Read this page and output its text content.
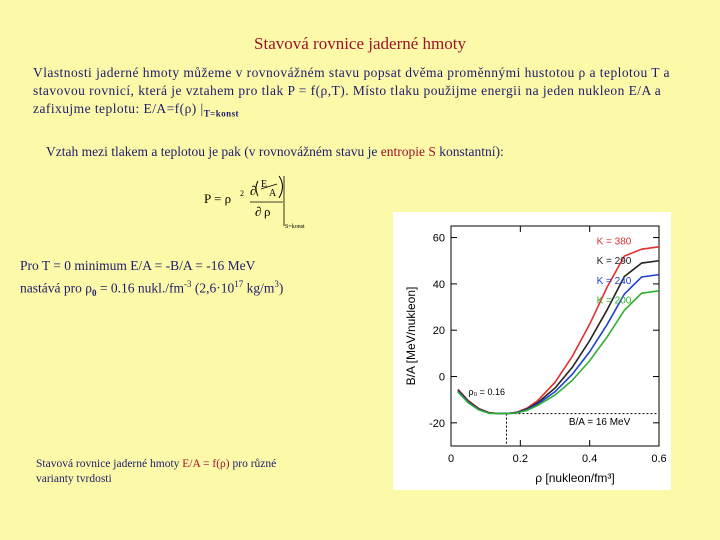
Stavová rovnice jaderné hmoty
Vlastnosti jaderné hmoty můžeme v rovnovážném stavu popsat dvěma proměnnými hustotou ρ a teplotou T a stavovou rovnicí, která je vztahem pro tlak P = f(ρ,T). Místo tlaku použijme energii na jeden nukleon E/A a zafixujme teplotu: E/A=f(ρ) $|_{T=konst}$
Vztah mezi tlakem a teplotou je pak (v rovnovážném stavu je entropie S konstantní):
P = ρ 2 ∂ E
A
∂ ρ
S=konst
Pro T = 0 minimum E/A = -B/A = -16 MeV
nastává pro $\rho_0 = 0.16$ $nukl./fm^{-3}$ ($2,6\cdot 10^{17}$ $kg/m^3$)
Stavová rovnice jaderné hmoty E/A = f(ρ) pro různé
varianty tvrdosti
0	0.2	0.4	0.6
-20
0
20
40
60
B/A [MeV/nukleon]
ρ [nukleon/fm³]
ρ₀ = 0.16
B/A = 16 MeV
K = 380
K = 290
K = 240
K = 200
